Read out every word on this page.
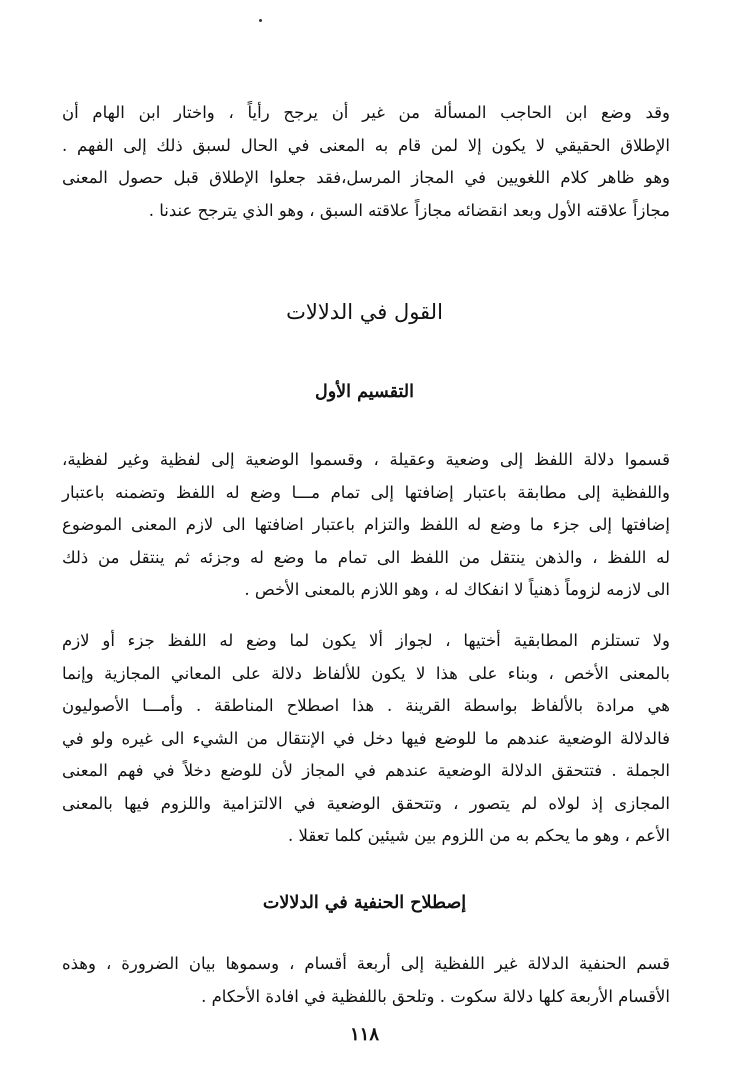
وقد وضع ابن الحاجب المسألة من غير أن يرجح رأياً ، واختار ابن الهام أن
الإطلاق الحقيقي لا يكون إلا لمن قام به المعنى في الحال لسبق ذلك إلى الفهم .
وهو ظاهر كلام اللغويين في المجاز المرسل،فقد جعلوا الإطلاق قبل حصول المعنى
مجازاً علاقته الأول وبعد انقضائه مجازاً علاقته السبق ، وهو الذي يترجح عندنا .

القول في الدلالات
التقسيم الأول

قسموا دلالة اللفظ إلى وضعية وعقيلة ، وقسموا الوضعية إلى لفظية وغير لفظية،
واللفظية إلى مطابقة باعتبار إضافتها إلى تمام مـــا وضع له اللفظ وتضمنه باعتبار
إضافتها إلى جزء ما وضع له اللفظ والتزام باعتبار اضافتها الى لازم المعنى الموضوع
له اللفظ ، والذهن ينتقل من اللفظ الى تمام ما وضع له وجزئه ثم ينتقل من ذلك
الى لازمه لزوماً ذهنياً لا انفكاك له ، وهو اللازم بالمعنى الأخص .

ولا تستلزم المطابقية أختيها ، لجواز ألا يكون لما وضع له اللفظ جزء أو لازم
بالمعنى الأخص ، وبناء على هذا لا يكون للألفاظ دلالة على المعاني المجازية وإنما
هي مرادة بالألفاظ بواسطة القرينة . هذا اصطلاح المناطقة . وأمـــا الأصوليون
فالدلالة الوضعية عندهم ما للوضع فيها دخل في الإنتقال من الشيء الى غيره ولو في
الجملة . فتتحقق الدلالة الوضعية عندهم في المجاز لأن للوضع دخلاً في فهم المعنى
المجازى إذ لولاه لم يتصور ، وتتحقق الوضعية في الالتزامية واللزوم فيها بالمعنى
الأعم ، وهو ما يحكم به من اللزوم بين شيئين كلما تعقلا .

إصطلاح الحنفية في الدلالات

قسم الحنفية الدلالة غير اللفظية إلى أربعة أقسام ، وسموها بيان الضرورة ، وهذه
الأقسام الأربعة كلها دلالة سكوت . وتلحق باللفظية في افادة الأحكام .

١١٨
